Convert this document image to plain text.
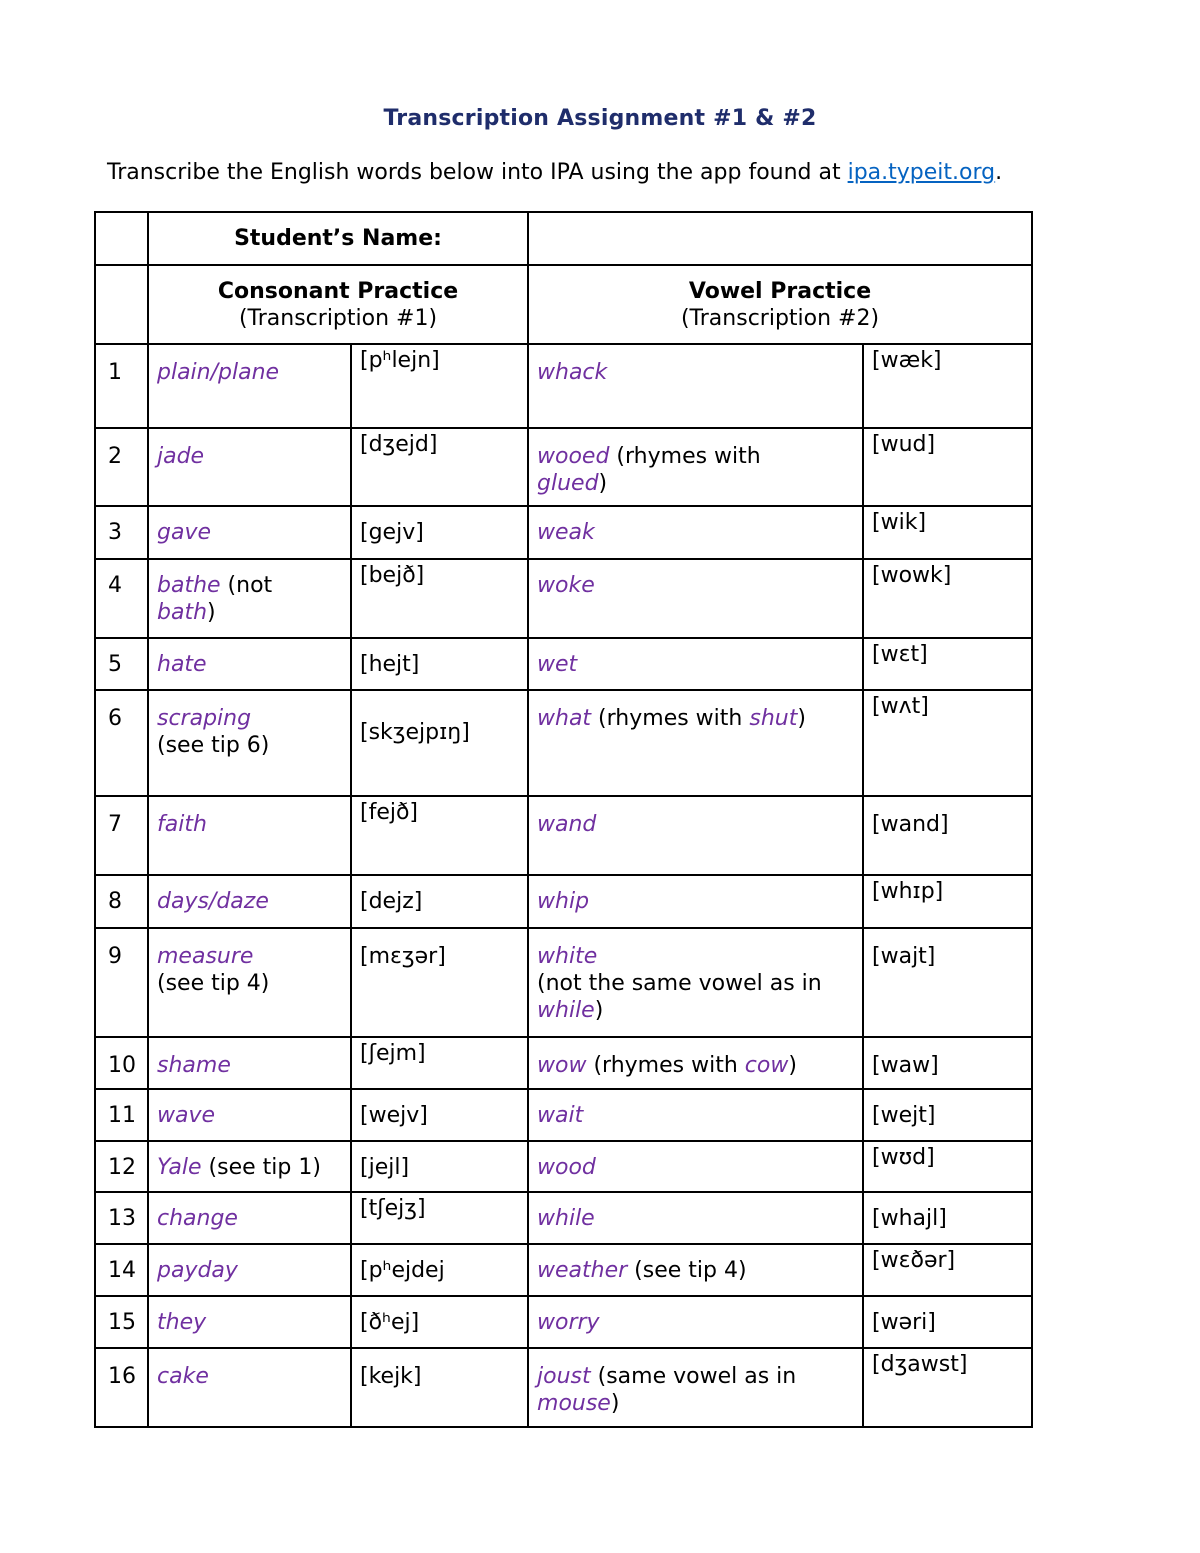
Transcription Assignment #1 & #2
Transcribe the English words below into IPA using the app found at ipa.typeit.org.
	Student’s Name:			
	Consonant Practice
(Transcription #1)		Vowel Practice
(Transcription #2)	
1	plain/plane	[pʰlejn]	whack	[wæk]
2	jade	[dʒejd]	wooed (rhymes with
glued)	[wud]
3	gave	[gejv]	weak	[wik]
4	bathe (not
bath)	[bejð]	woke	[wowk]
5	hate	[hejt]	wet	[wɛt]
6	scraping
(see tip 6)	[skʒejpɪŋ]	what (rhymes with shut)	[wʌt]
7	faith	[fejð]	wand	[wand]
8	days/daze	[dejz]	whip	[whɪp]
9	measure
(see tip 4)	[mɛʒər]	white
(not the same vowel as in
while)	[wajt]
10	shame	[ʃejm]	wow (rhymes with cow)	[waw]
11	wave	[wejv]	wait	[wejt]
12	Yale (see tip 1)	[jejl]	wood	[wʊd]
13	change	[tʃejʒ]	while	[whajl]
14	payday	[pʰejdej	weather (see tip 4)	[wɛðər]
15	they	[ðʰej]	worry	[wəri]
16	cake	[kejk]	joust (same vowel as in
mouse)	[dʒawst]
